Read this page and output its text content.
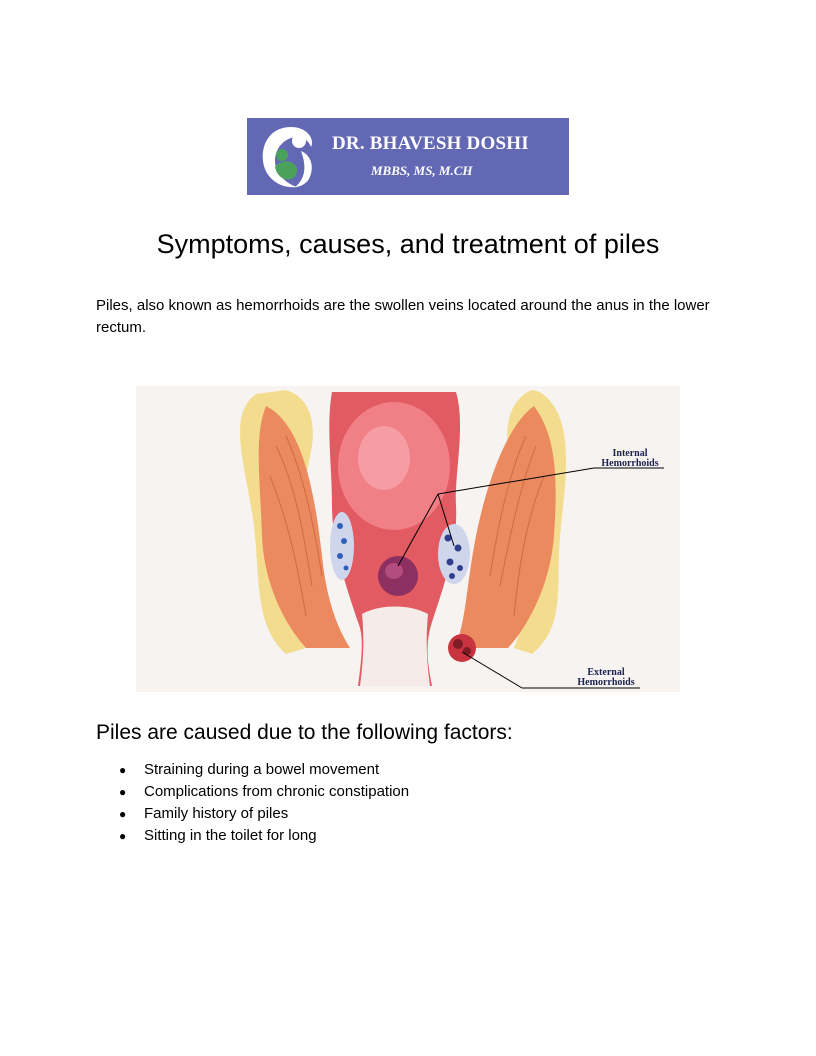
DR. BHAVESH DOSHI
MBBS, MS, M.CH
Symptoms, causes, and treatment of piles

Piles, also known as hemorrhoids are the swollen veins located around the anus in the lower rectum.

Internal
Hemorrhoids
External
Hemorrhoids
Piles are caused due to the following factors:
● Straining during a bowel movement
● Complications from chronic constipation
● Family history of piles
● Sitting in the toilet for long
